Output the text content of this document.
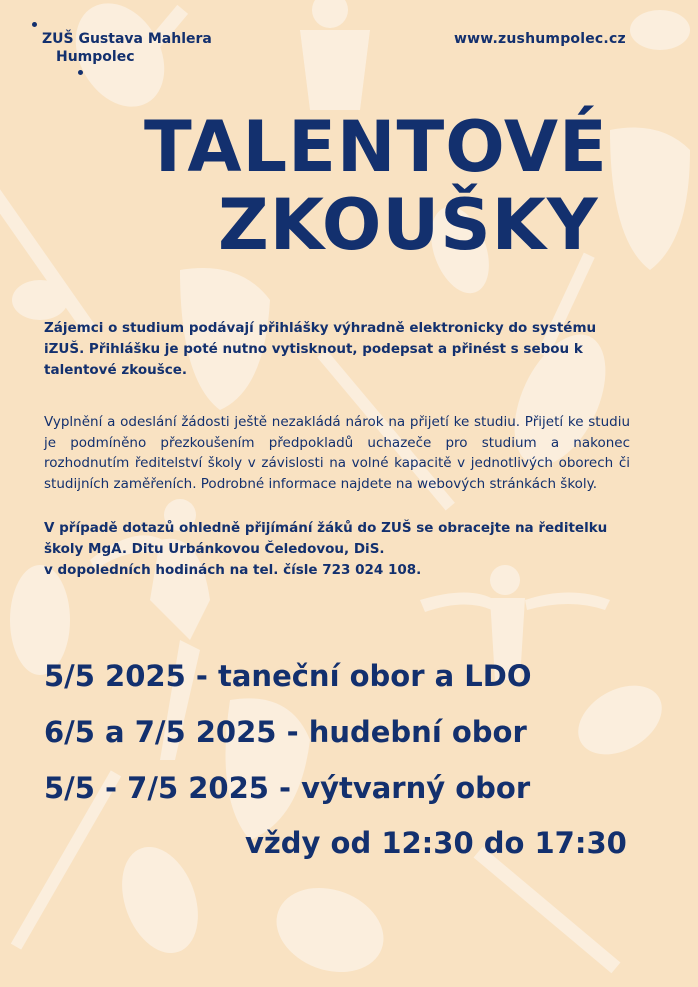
ZUŠ Gustava Mahlera
Humpolec
www.zushumpolec.cz
TALENTOVÉ
ZKOUŠKY
Zájemci o studium podávají přihlášky výhradně elektronicky do systému iZUŠ. Přihlášku je poté nutno vytisknout, podepsat a přinést s sebou k talentové zkoušce.
Vyplnění a odeslání žádosti ještě nezakládá nárok na přijetí ke studiu. Přijetí ke studiu je podmíněno přezkoušením předpokladů uchazeče pro studium a nakonec rozhodnutím ředitelství školy v závislosti na volné kapacitě v jednotlivých oborech či studijních zaměřeních. Podrobné informace najdete na webových stránkách školy.
V případě dotazů ohledně přijímání žáků do ZUŠ se obracejte na ředitelku
školy MgA. Ditu Urbánkovou Čeledovou, DiS.
v dopoledních hodinách na tel. čísle 723 024 108.
5/5 2025 - taneční obor a LDO
6/5 a 7/5 2025 - hudební obor
5/5 - 7/5 2025 - výtvarný obor
vždy od 12:30 do 17:30
